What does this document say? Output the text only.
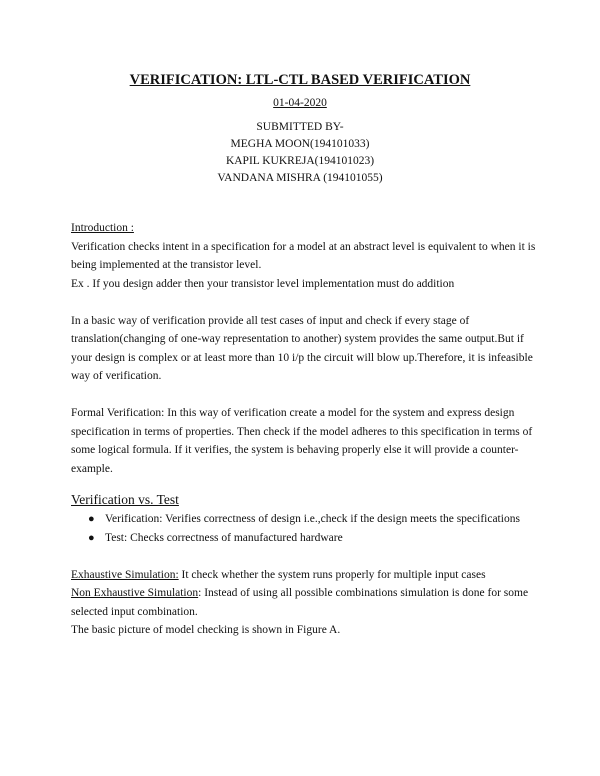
VERIFICATION: LTL-CTL BASED VERIFICATION
01-04-2020
SUBMITTED BY-
MEGHA MOON(194101033)
KAPIL KUKREJA(194101023)
VANDANA MISHRA (194101055)

Introduction :

Verification checks intent in a specification for a model at an abstract level is equivalent to when it is being implemented at the transistor level.

Ex . If you design adder then your transistor level implementation must do addition

In a basic way of verification provide all test cases of input and check if every stage of translation(changing of one-way representation to another) system provides the same output.But if your design is complex or at least more than 10 i/p the circuit will blow up.Therefore, it is infeasible way of verification.

Formal Verification: In this way of verification create a model for the system and express design specification in terms of properties. Then check if the model adheres to this specification in terms of some logical formula. If it verifies, the system is behaving properly else it will provide a counter-example.

Verification vs. Test

● Verification: Verifies correctness of design i.e.,check if the design meets the specifications
● Test: Checks correctness of manufactured hardware

Exhaustive Simulation: It check whether the system runs properly for multiple input cases

Non Exhaustive Simulation: Instead of using all possible combinations simulation is done for some selected input combination.

The basic picture of model checking is shown in Figure A.
